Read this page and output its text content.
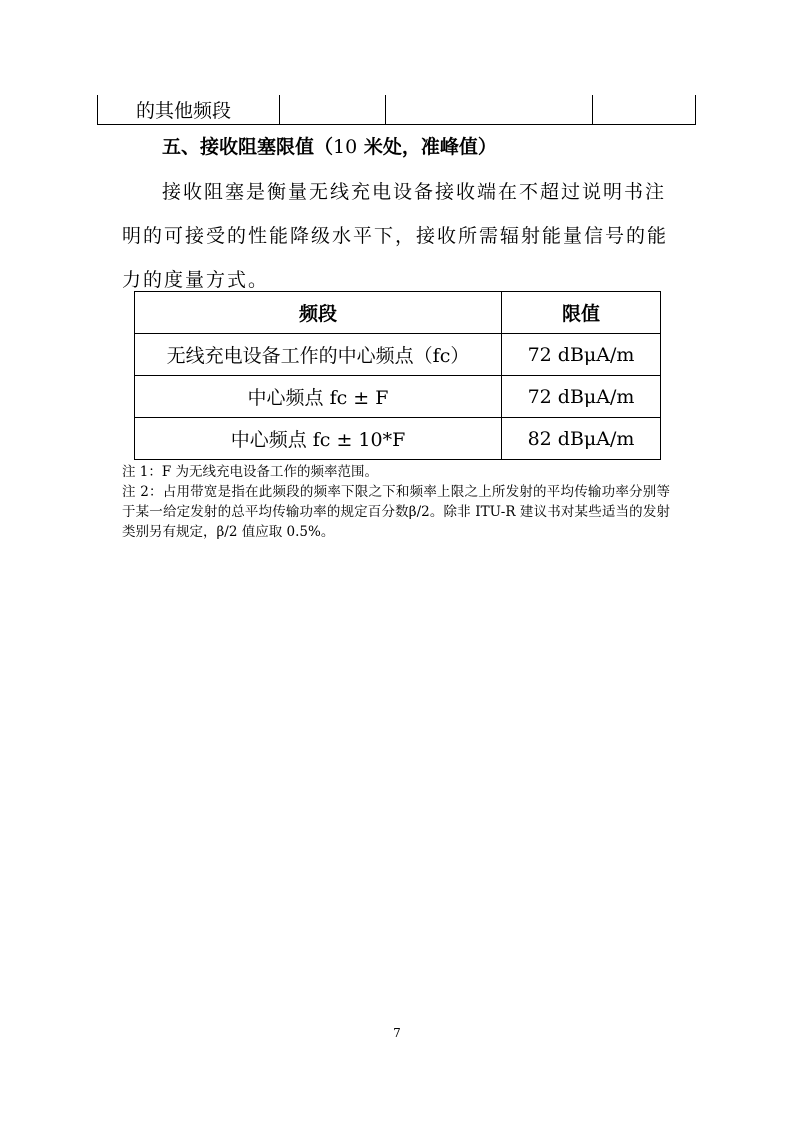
的其他频段			
五、接收阻塞限值（10 米处，准峰值）

接收阻塞是衡量无线充电设备接收端在不超过说明书注明的可接受的性能降级水平下，接收所需辐射能量信号的能力的度量方式。

频段	限值
无线充电设备工作的中心频点（fc）	72 dBμA/m
中心频点 fc ± F	72 dBμA/m
中心频点 fc ± 10*F	82 dBμA/m

注 1：F 为无线充电设备工作的频率范围。

注 2：占用带宽是指在此频段的频率下限之下和频率上限之上所发射的平均传输功率分别等于某一给定发射的总平均传输功率的规定百分数β/2。除非 ITU-R 建议书对某些适当的发射类别另有规定，β/2 值应取 0.5%。

7
